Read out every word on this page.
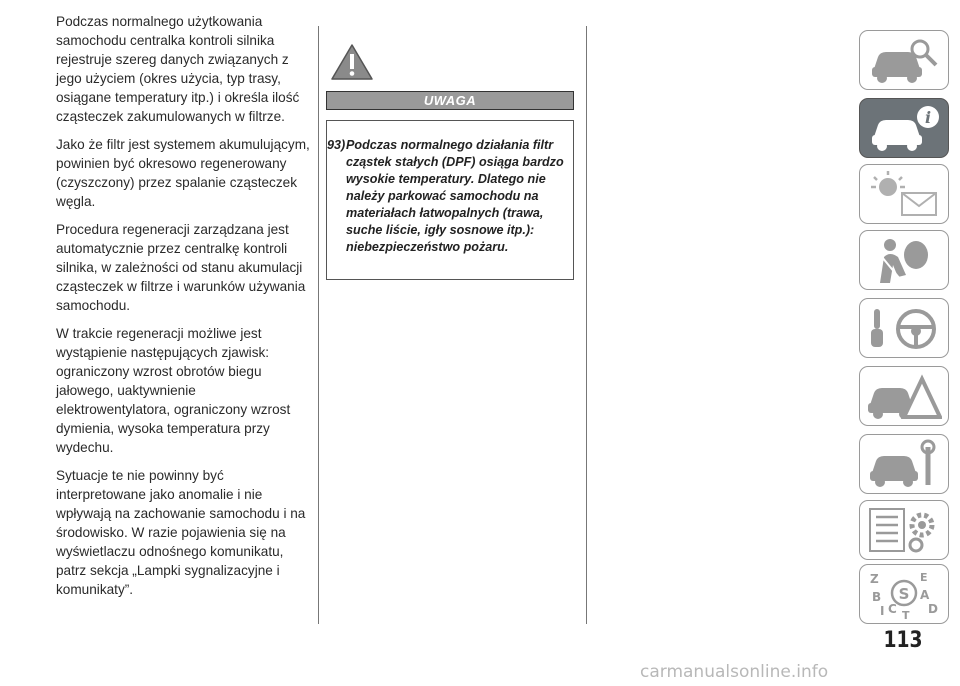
Podczas normalnego użytkowania samochodu centralka kontroli silnika rejestruje szereg danych związanych z jego użyciem (okres użycia, typ trasy, osiągane temperatury itp.) i określa ilość cząsteczek zakumulowanych w filtrze.

Jako że filtr jest systemem akumulującym, powinien być okresowo regenerowany (czyszczony) przez spalanie cząsteczek węgla.

Procedura regeneracji zarządzana jest automatycznie przez centralkę kontroli silnika, w zależności od stanu akumulacji cząsteczek w filtrze i warunków używania samochodu.

W trakcie regeneracji możliwe jest wystąpienie następujących zjawisk: ograniczony wzrost obrotów biegu jałowego, uaktywnienie elektrowentylatora, ograniczony wzrost dymienia, wysoka temperatura przy wydechu.

Sytuacje te nie powinny być interpretowane jako anomalie i nie wpływają na zachowanie samochodu i na środowisko. W razie pojawienia się na wyświetlaczu odnośnego komunikatu, patrz sekcja „Lampki sygnalizacyjne i komunikaty”.

UWAGA
93) Podczas normalnego działania filtr cząstek stałych (DPF) osiąga bardzo wysokie temperatury. Dlatego nie należy parkować samochodu na materiałach łatwopalnych (trawa, suche liście, igły sosnowe itp.): niebezpieczeństwo pożaru.
i
Z	E
B	A
I C	D
T
S
113
carmanualsonline.info
